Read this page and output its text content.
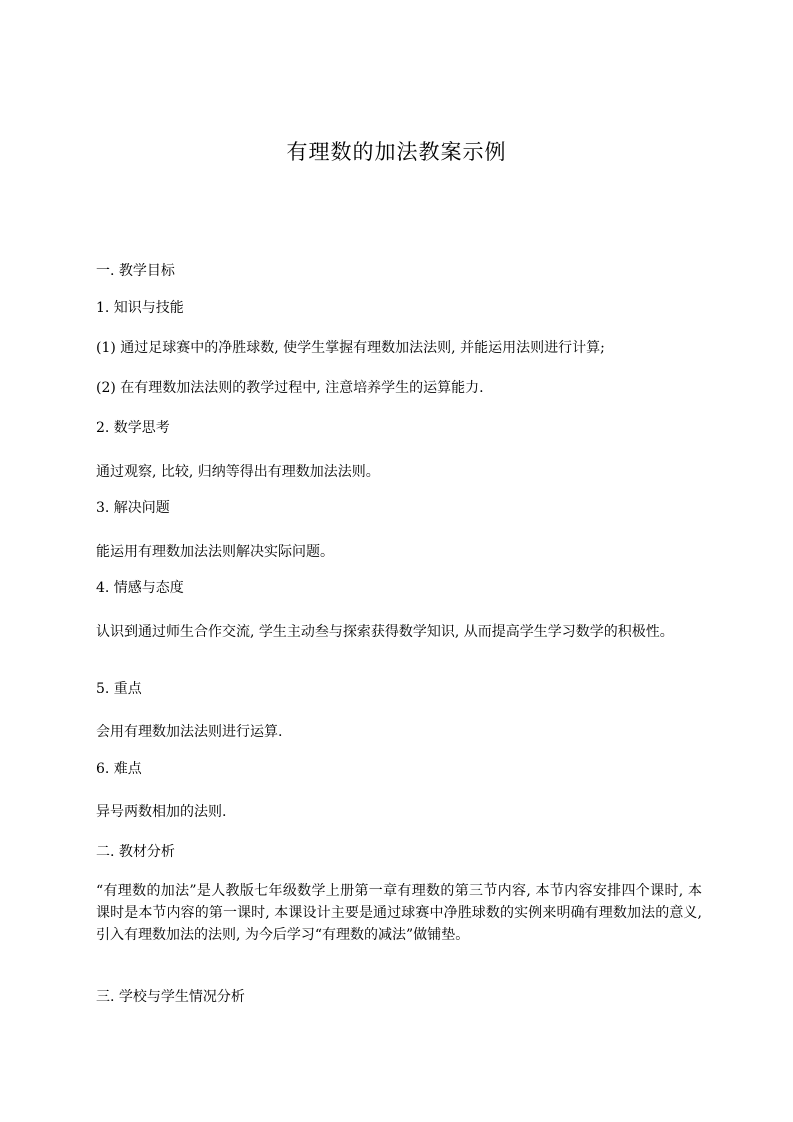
有理数的加法教案示例
一. 教学目标
1. 知识与技能
(1) 通过足球赛中的净胜球数, 使学生掌握有理数加法法则, 并能运用法则进行计算;
(2) 在有理数加法法则的教学过程中, 注意培养学生的运算能力.
2. 数学思考
通过观察, 比较, 归纳等得出有理数加法法则。
3. 解决问题
能运用有理数加法法则解决实际问题。
4. 情感与态度
认识到通过师生合作交流, 学生主动叁与探索获得数学知识, 从而提高学生学习数学的积极性。
5. 重点
会用有理数加法法则进行运算.
6. 难点
异号两数相加的法则.
二. 教材分析
“有理数的加法”是人教版七年级数学上册第一章有理数的第三节内容, 本节内容安排四个课时, 本课时是本节内容的第一课时, 本课设计主要是通过球赛中净胜球数的实例来明确有理数加法的意义, 引入有理数加法的法则, 为今后学习“有理数的减法”做铺垫。
三. 学校与学生情况分析
